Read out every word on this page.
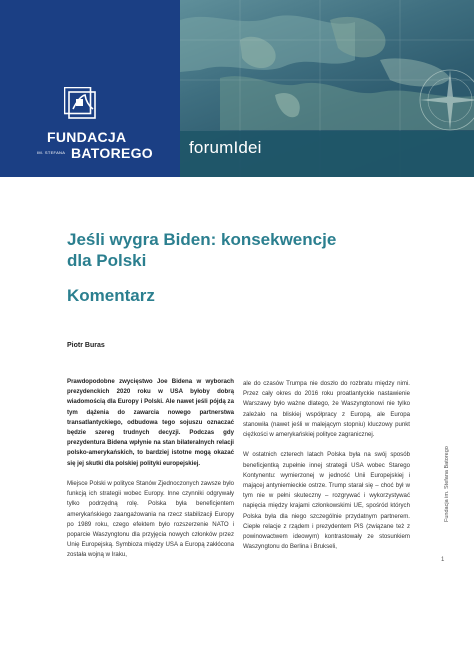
forumIdei
FUNDACJA
IM. STEFANA BATOREGO
Jeśli wygra Biden: konsekwencje dla Polski
Komentarz
Piotr Buras

Prawdopodobne zwycięstwo Joe Bidena w wyborach prezydenckich 2020 roku w USA byłoby dobrą wiadomością dla Europy i Polski. Ale nawet jeśli pójdą za tym dążenia do zawarcia nowego partnerstwa transatlantyckiego, odbudowa tego sojuszu oznaczać będzie szereg trudnych decyzji. Podczas gdy prezydentura Bidena wpłynie na stan bilateralnych relacji polsko-amerykańskich, to bardziej istotne mogą okazać się jej skutki dla polskiej polityki europejskiej.

Miejsce Polski w polityce Stanów Zjednoczonych zawsze było funkcją ich strategii wobec Europy. Inne czynniki odgrywały tylko podrzędną rolę. Polska była beneficjentem amerykańskiego zaangażowania na rzecz stabilizacji Europy po 1989 roku, czego efektem było rozszerzenie NATO i poparcie Waszyngtonu dla przyjęcia nowych członków przez Unię Europejską. Symbioza między USA a Europą zakłócona została wojną w Iraku,

ale do czasów Trumpa nie doszło do rozbratu między nimi. Przez cały okres do 2016 roku proatlantyckie nastawienie Warszawy było ważne dlatego, że Waszyngtonowi nie tylko zależało na bliskiej współpracy z Europą, ale Europa stanowiła (nawet jeśli w malejącym stopniu) kluczowy punkt ciężkości w amerykańskiej polityce zagranicznej.

W ostatnich czterech latach Polska była na swój sposób beneficjentką zupełnie innej strategii USA wobec Starego Kontynentu: wymierzonej w jedność Unii Europejskiej i mającej antyniemieckie ostrze. Trump starał się – choć był w tym nie w pełni skuteczny – rozgrywać i wykorzystywać napięcia między krajami członkowskimi UE, spośród których Polska była dla niego szczególnie przydatnym partnerem. Ciepłe relacje z rządem i prezydentem PiS (związane też z powinowactwem ideowym) kontrastowały ze stosunkiem Waszyngtonu do Berlina i Brukseli,

Fundacja im. Stefana Batorego
1
